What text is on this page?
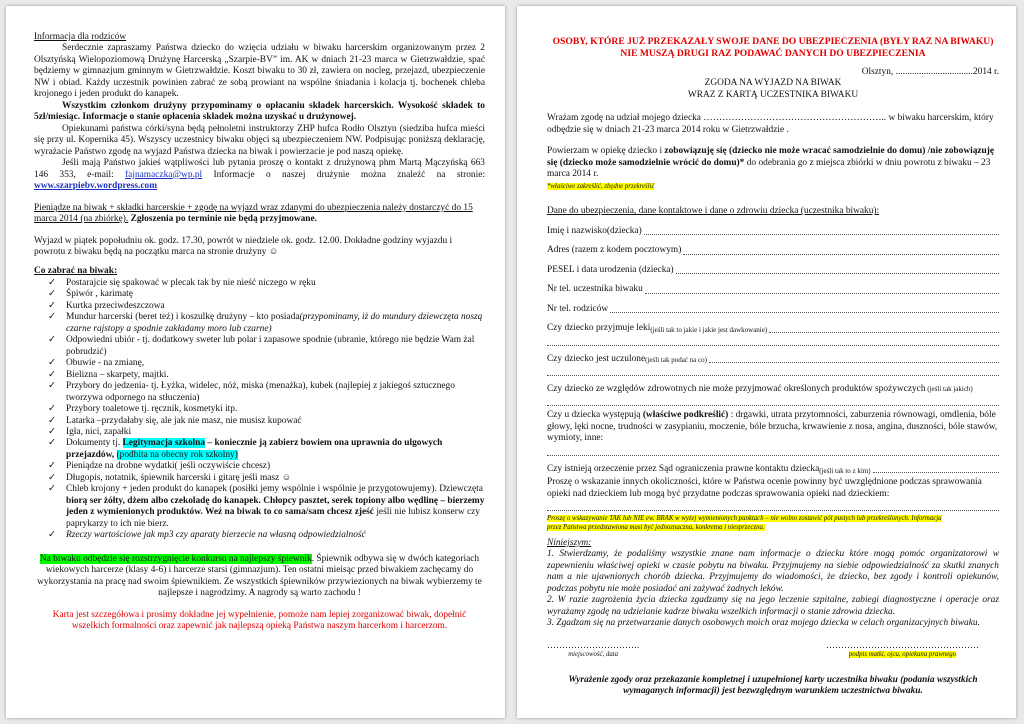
Informacja dla rodziców

Serdecznie zapraszamy Państwa dziecko do wzięcia udziału w biwaku harcerskim organizowanym przez 2 Olsztyńską Wielopoziomową Drużynę Harcerską „Szarpie-BV” im. AK w dniach 21-23 marca w Gietrzwałdzie, spać będziemy w gimnazjum gminnym w Gietrzwałdzie. Koszt biwaku to 30 zł, zawiera on nocleg, przejazd, ubezpieczenie NW i obiad. Każdy uczestnik powinien zabrać ze sobą prowiant na wspólne śniadania i kolacja tj. bochenek chleba krojonego i jeden produkt do kanapek.

Wszystkim członkom drużyny przypominamy o opłacaniu składek harcerskich. Wysokość składek to 5zł/miesiąc. Informacje o stanie opłacenia składek można uzyskać u drużynowej.

Opiekunami państwa córki/syna będą pełnoletni instruktorzy ZHP hufca Rodło Olsztyn (siedziba hufca mieści się przy ul. Kopernika 45). Wszyscy uczestnicy biwaku objęci są ubezpieczeniem NW. Podpisując poniższą deklarację, wyrażacie Państwo zgodę na wyjazd Państwa dziecka na biwak i powierzacie je pod naszą opiekę.

Jeśli mają Państwo jakieś wątpliwości lub pytania proszę o kontakt z drużynową phm Martą Mączyńską 663 146 353, e-mail: fajnamaczka@wp.pl Informacje o naszej drużynie można znaleźć na stronie: www.szarpiebv.wordpress.com

Pieniądze na biwak + składki harcerskie + zgodę na wyjazd wraz zdanymi do ubezpieczenia należy dostarczyć do 15 marca 2014 (na zbiórkę). Zgłoszenia po terminie nie będą przyjmowane.

Wyjazd w piątek popołudniu ok. godz. 17.30, powrót w niedziele ok. godz. 12.00. Dokładne godziny wyjazdu i powrotu z biwaku będą na początku marca na stronie drużyny ☺

Co zabrać na biwak:

✓ Postarajcie się spakować w plecak tak by nie nieść niczego w ręku
✓ Śpiwór , karimatę
✓ Kurtka przeciwdeszczowa
✓ Mundur harcerski (beret też) i koszulkę drużyny – kto posiada(przypominamy, iż do mundury dziewczęta noszą czarne rajstopy a spodnie zakładamy moro lub czarne)
✓ Odpowiedni ubiór - tj. dodatkowy sweter lub polar i zapasowe spodnie (ubranie, którego nie będzie Wam żal pobrudzić)
✓ Obuwie - na zmianę,
✓ Bielizna – skarpety, majtki.
✓ Przybory do jedzenia- tj. Łyżka, widelec, nóż, miska (menażka), kubek (najlepiej z jakiegoś sztucznego tworzywa odpornego na stłuczenia)
✓ Przybory toaletowe tj. ręcznik, kosmetyki itp.
✓ Latarka –przydałaby się, ale jak nie masz, nie musisz kupować
✓ Igła, nici, zapałki
✓ Dokumenty tj. Legitymacja szkolna – koniecznie ją zabierz bowiem ona uprawnia do ulgowych przejazdów, (podbita na obecny rok szkolny)
✓ Pieniądze na drobne wydatki( jeśli oczywiście chcesz)
✓ Długopis, notatnik, śpiewnik harcerski i gitarę jeśli masz ☺
✓ Chleb krojony + jeden produkt do kanapek (posiłki jemy wspólnie i wspólnie je przygotowujemy). Dziewczęta biorą ser żółty, dżem albo czekoladę do kanapek. Chłopcy pasztet, serek topiony albo wędlinę – bierzemy jeden z wymienionych produktów. Weź na biwak to co sama/sam chcesz zjeść jeśli nie lubisz konserw czy paprykarzy to ich nie bierz.
✓ Rzeczy wartościowe jak mp3 czy aparaty bierzecie na własną odpowiedzialność

Na biwaku odbędzie się rozstrzygnięcie konkursu na najlepszy śpiewnik. Śpiewnik odbywa się w dwóch kategoriach wiekowych harcerze (klasy 4-6) i harcerze starsi (gimnazjum). Ten ostatni mieisąc przed biwakiem zachęcamy do wykorzystania na pracę nad swoim śpiewnikiem. Ze wszystkich śpiewników przywiezionych na biwak wybierzemy te najlepsze i nagrodzimy. A nagrody są warto zachodu !

Karta jest szczegółowa i prosimy dokładne jej wypełnienie, pomoże nam lepiej zorganizować biwak, dopełnić wszelkich formalności oraz zapewnić jak najlepszą opieką Państwa naszym harcerkom i harcerzom.

OSOBY, KTÓRE JUŻ PRZEKAZAŁY SWOJE DANE DO UBEZPIECZENIA (BYŁY RAZ NA BIWAKU) NIE MUSZĄ DRUGI RAZ PODAWAĆ DANYCH DO UBEZPIECZENIA

Olsztyn, .................................2014 r.

ZGODA NA WYJAZD NA BIWAK

WRAZ Z KARTĄ UCZESTNIKA BIWAKU

Wrażam zgodę na udział mojego dziecka ………………………………………………….. w biwaku harcerskim, który odbędzie się w dniach 21-23 marca 2014 roku w Gietrzwałdzie .

Powierzam w opiekę dziecko i zobowiązuję się (dziecko nie może wracać samodzielnie do domu) /nie zobowiązuję się (dziecko może samodzielnie wrócić do domu)* do odebrania go z miejsca zbiórki w dniu powrotu z biwaku – 23 marca 2014 r.

*właściwe zakreślić, zbędne przekreślić

Dane do ubezpieczenia, dane kontaktowe i dane o zdrowiu dziecka (uczestnika biwaku):

Imię i nazwisko(dziecka)
Adres (razem z kodem pocztowym)
PESEL i data urodzenia (dziecka)
Nr tel. uczestnika biwaku
Nr tel. rodziców
Czy dziecko przyjmuje leki (jeśli tak to jakie i jakie jest dawkowanie)
Czy dziecko jest uczulone (jeśli tak podać na co)

Czy dziecko ze względów zdrowotnych nie może przyjmować określonych produktów spożywczych (jeśli tak jakich)

Czy u dziecka występują (właściwe podkreślić) : drgawki, utrata przytomności, zaburzenia równowagi, omdlenia, bóle głowy, lęki nocne, trudności w zasypianiu, moczenie, bóle brzucha, krwawienie z nosa, angina, duszności, bóle stawów, wymioty, inne:

Czy istnieją orzeczenie przez Sąd ograniczenia prawne kontaktu dziecka (jeśli tak to z kim)

Proszę o wskazanie innych okoliczności, które w Państwa ocenie powinny być uwzględnione podczas sprawowania opieki nad dzieckiem lub mogą być przydatne podczas sprawowania opieki nad dzieckiem:

Proszę o wskazywanie TAK lub NIE ew. BRAK w wyżej wymienionych punktach – nie wolno zostawić pól pustych lub przekreślonych. Informacja
przez Państwa przedstawiona musi być jednoznaczna, konkretna i niesprzeczna.

Niniejszym:

1. Stwierdzamy, że podaliśmy wszystkie znane nam informacje o dziecku które mogą pomóc organizatorowi w zapewnieniu właściwej opieki w czasie pobytu na biwaku. Przyjmujemy na siebie odpowiedzialność za skutki znanych nam a nie ujawnionych chorób dziecka. Przyjmujemy do wiadomości, że dziecko, bez zgody i kontroli opiekunów, podczas pobytu nie może posiadać ani zażywać żadnych leków.

2. W razie zagrożenia życia dziecka zgadzamy się na jego leczenie szpitalne, zabiegi diagnostyczne i operacje oraz wyrażamy zgodę na udzielanie kadrze biwaku wszelkich informacji o stanie zdrowia dziecka.

3. Zgadzam się na przetwarzanie danych osobowych moich oraz mojego dziecka w celach organizacyjnych biwaku.

………………………….
miejscowość, data
……………………………………………
podpis matki, ojca, opiekuna prawnego

Wyrażenie zgody oraz przekazanie kompletnej i uzupełnionej karty uczestnika biwaku (podania wszystkich wymaganych informacji) jest bezwzględnym warunkiem uczestnictwa biwaku.
